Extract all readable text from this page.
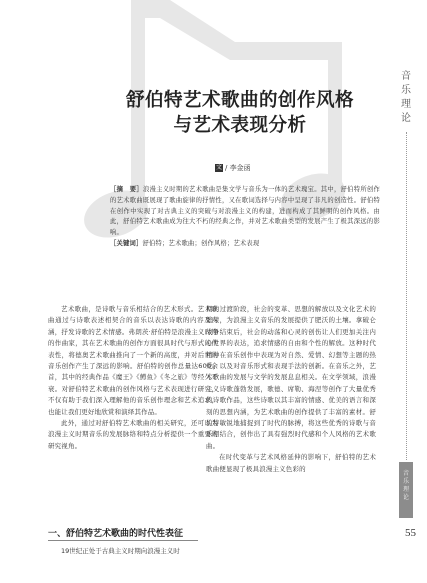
音
乐
理
论
音
乐
理
论
55
舒伯特艺术歌曲的创作风格
与艺术表现分析
文 / 李金函

［摘　要］浪漫主义时期的艺术歌曲是集文学与音乐为一体的艺术瑰宝。其中，舒伯特所创作的艺术歌曲既展现了歌曲旋律的抒情性，又在歌词选择与内容中呈现了非凡的创造性。舒伯特在创作中实现了对古典主义的突破与对浪漫主义的构建，进而构成了其鲜明的创作风格。由此，舒伯特艺术歌曲成为往大不朽的经典之作，并对艺术歌曲类型的发展产生了极其深远的影响。

［关键词］舒伯特；艺术歌曲；创作风格；艺术表现

艺术歌曲，是诗歌与音乐相结合的艺术形式。艺术歌曲通过与诗歌表述相契合的音乐以表达诗歌的内容及内涵，抒发诗歌的艺术情感。弗朗茨·舒伯特是浪漫主义时期的作曲家，其在艺术歌曲的创作方面很具时代与形式的代表性，将德奥艺术歌曲推向了一个新的高度，并对后世的音乐创作产生了深远的影响。舒伯特的创作总量达600余首，其中的经典作品《魔王》《鳟鱼》《冬之旅》等经久不衰。对舒伯特艺术歌曲的创作风格与艺术表现进行研究，不仅有助于我们深入理解他的音乐创作理念和艺术追求，也能让我们更好地欣赏和演绎其作品。

此外，通过对舒伯特艺术歌曲的相关研究，还可以为浪漫主义时期音乐的发展脉络和特点分析提供一个重要的研究视角。

期的过渡阶段，社会的变革、思想的解放以及文化艺术的繁荣，为浪漫主义音乐的发展提供了肥沃的土壤。拿破仑战争结束后，社会的动荡和心灵的创伤让人们更加关注内心世界的表达，追求情感的自由和个性的解放。这种时代精神在音乐创作中表现为对自然、爱情、幻想等主题的热爱，以及对音乐形式和表现手法的创新。在音乐之外，艺术歌曲的发展与文学的发展息息相关。在文学领域，浪漫主义诗歌蓬勃发展，歌德、席勒、海涅等创作了大量优秀的诗歌作品，这些诗歌以其丰富的情感、优美的语言和深刻的思想内涵，为艺术歌曲的创作提供了丰富的素材。舒伯特敏锐地捕捉到了时代的脉搏，将这些优秀的诗歌与音乐相结合，创作出了具有强烈时代感和个人风格的艺术歌曲。

在时代变革与艺术风格延伸的影响下，舒伯特的艺术歌曲便显现了极具浪漫主义色彩的

一、舒伯特艺术歌曲的时代性表征
19世纪正处于古典主义时期向浪漫主义时
